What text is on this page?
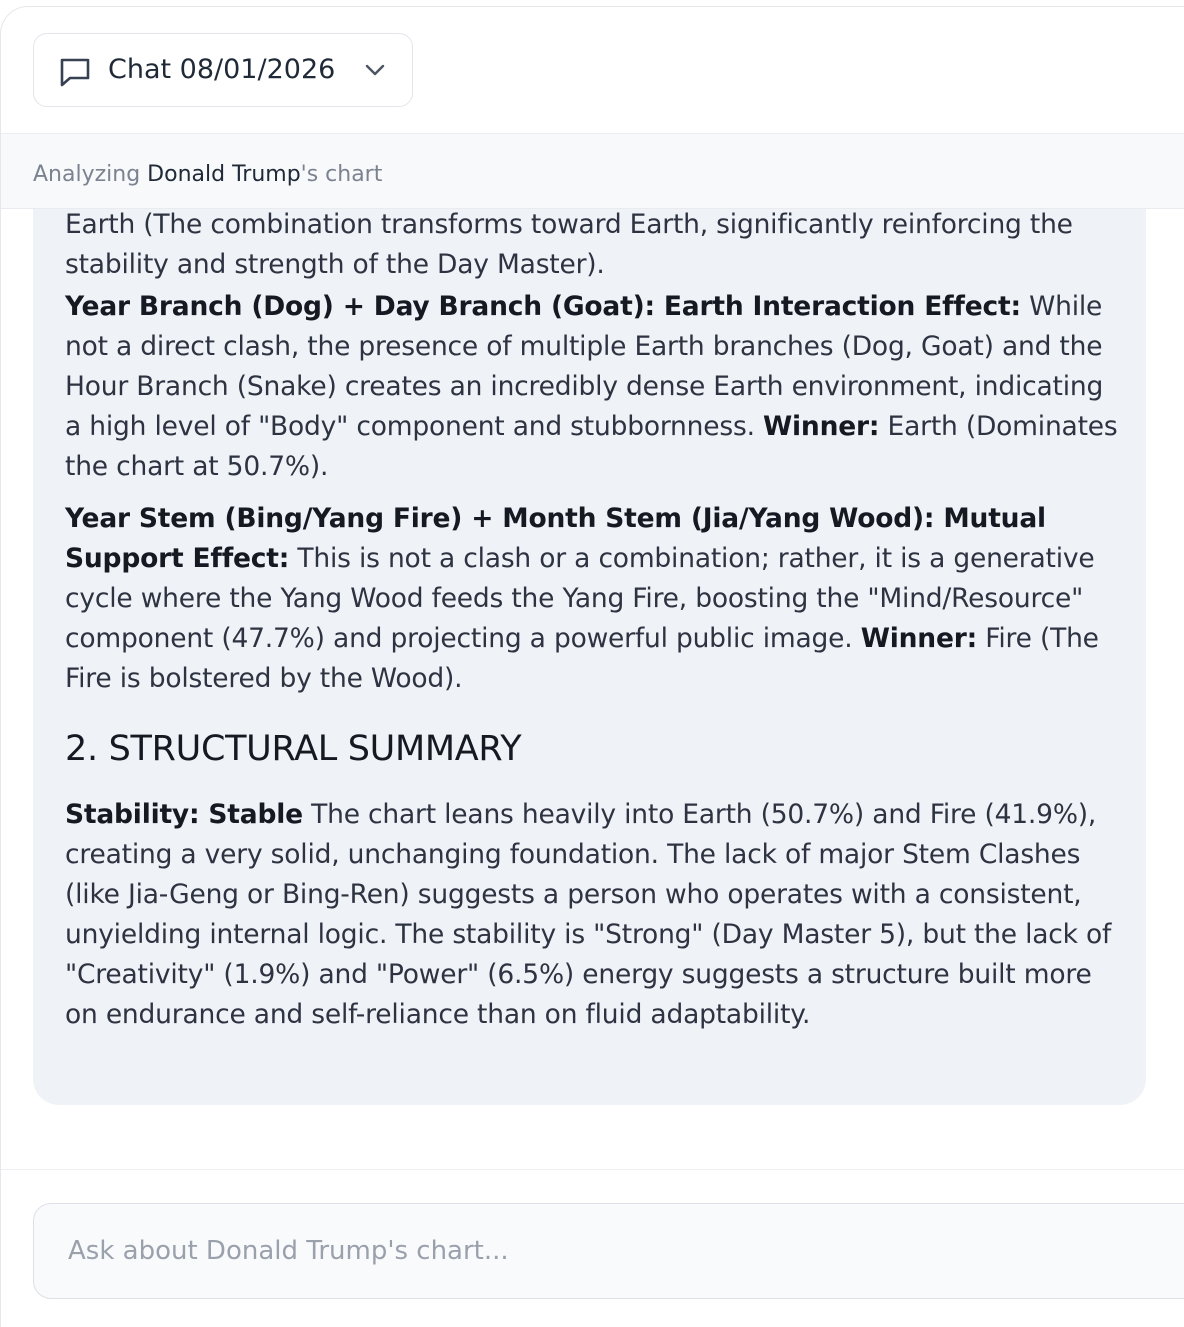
Chat 08/01/2026
Analyzing Donald Trump's chart

Earth (The combination transforms toward Earth, significantly reinforcing the stability and strength of the Day Master).

Year Branch (Dog) + Day Branch (Goat): Earth Interaction Effect: While not a direct clash, the presence of multiple Earth branches (Dog, Goat) and the Hour Branch (Snake) creates an incredibly dense Earth environment, indicating a high level of "Body" component and stubbornness. Winner: Earth (Dominates the chart at 50.7%).

Year Stem (Bing/Yang Fire) + Month Stem (Jia/Yang Wood): Mutual Support Effect: This is not a clash or a combination; rather, it is a generative cycle where the Yang Wood feeds the Yang Fire, boosting the "Mind/Resource" component (47.7%) and projecting a powerful public image. Winner: Fire (The Fire is bolstered by the Wood).

2. STRUCTURAL SUMMARY

Stability: Stable The chart leans heavily into Earth (50.7%) and Fire (41.9%), creating a very solid, unchanging foundation. The lack of major Stem Clashes (like Jia-Geng or Bing-Ren) suggests a person who operates with a consistent, unyielding internal logic. The stability is "Strong" (Day Master 5), but the lack of "Creativity" (1.9%) and "Power" (6.5%) energy suggests a structure built more on endurance and self-reliance than on fluid adaptability.

Ask about Donald Trump's chart...
